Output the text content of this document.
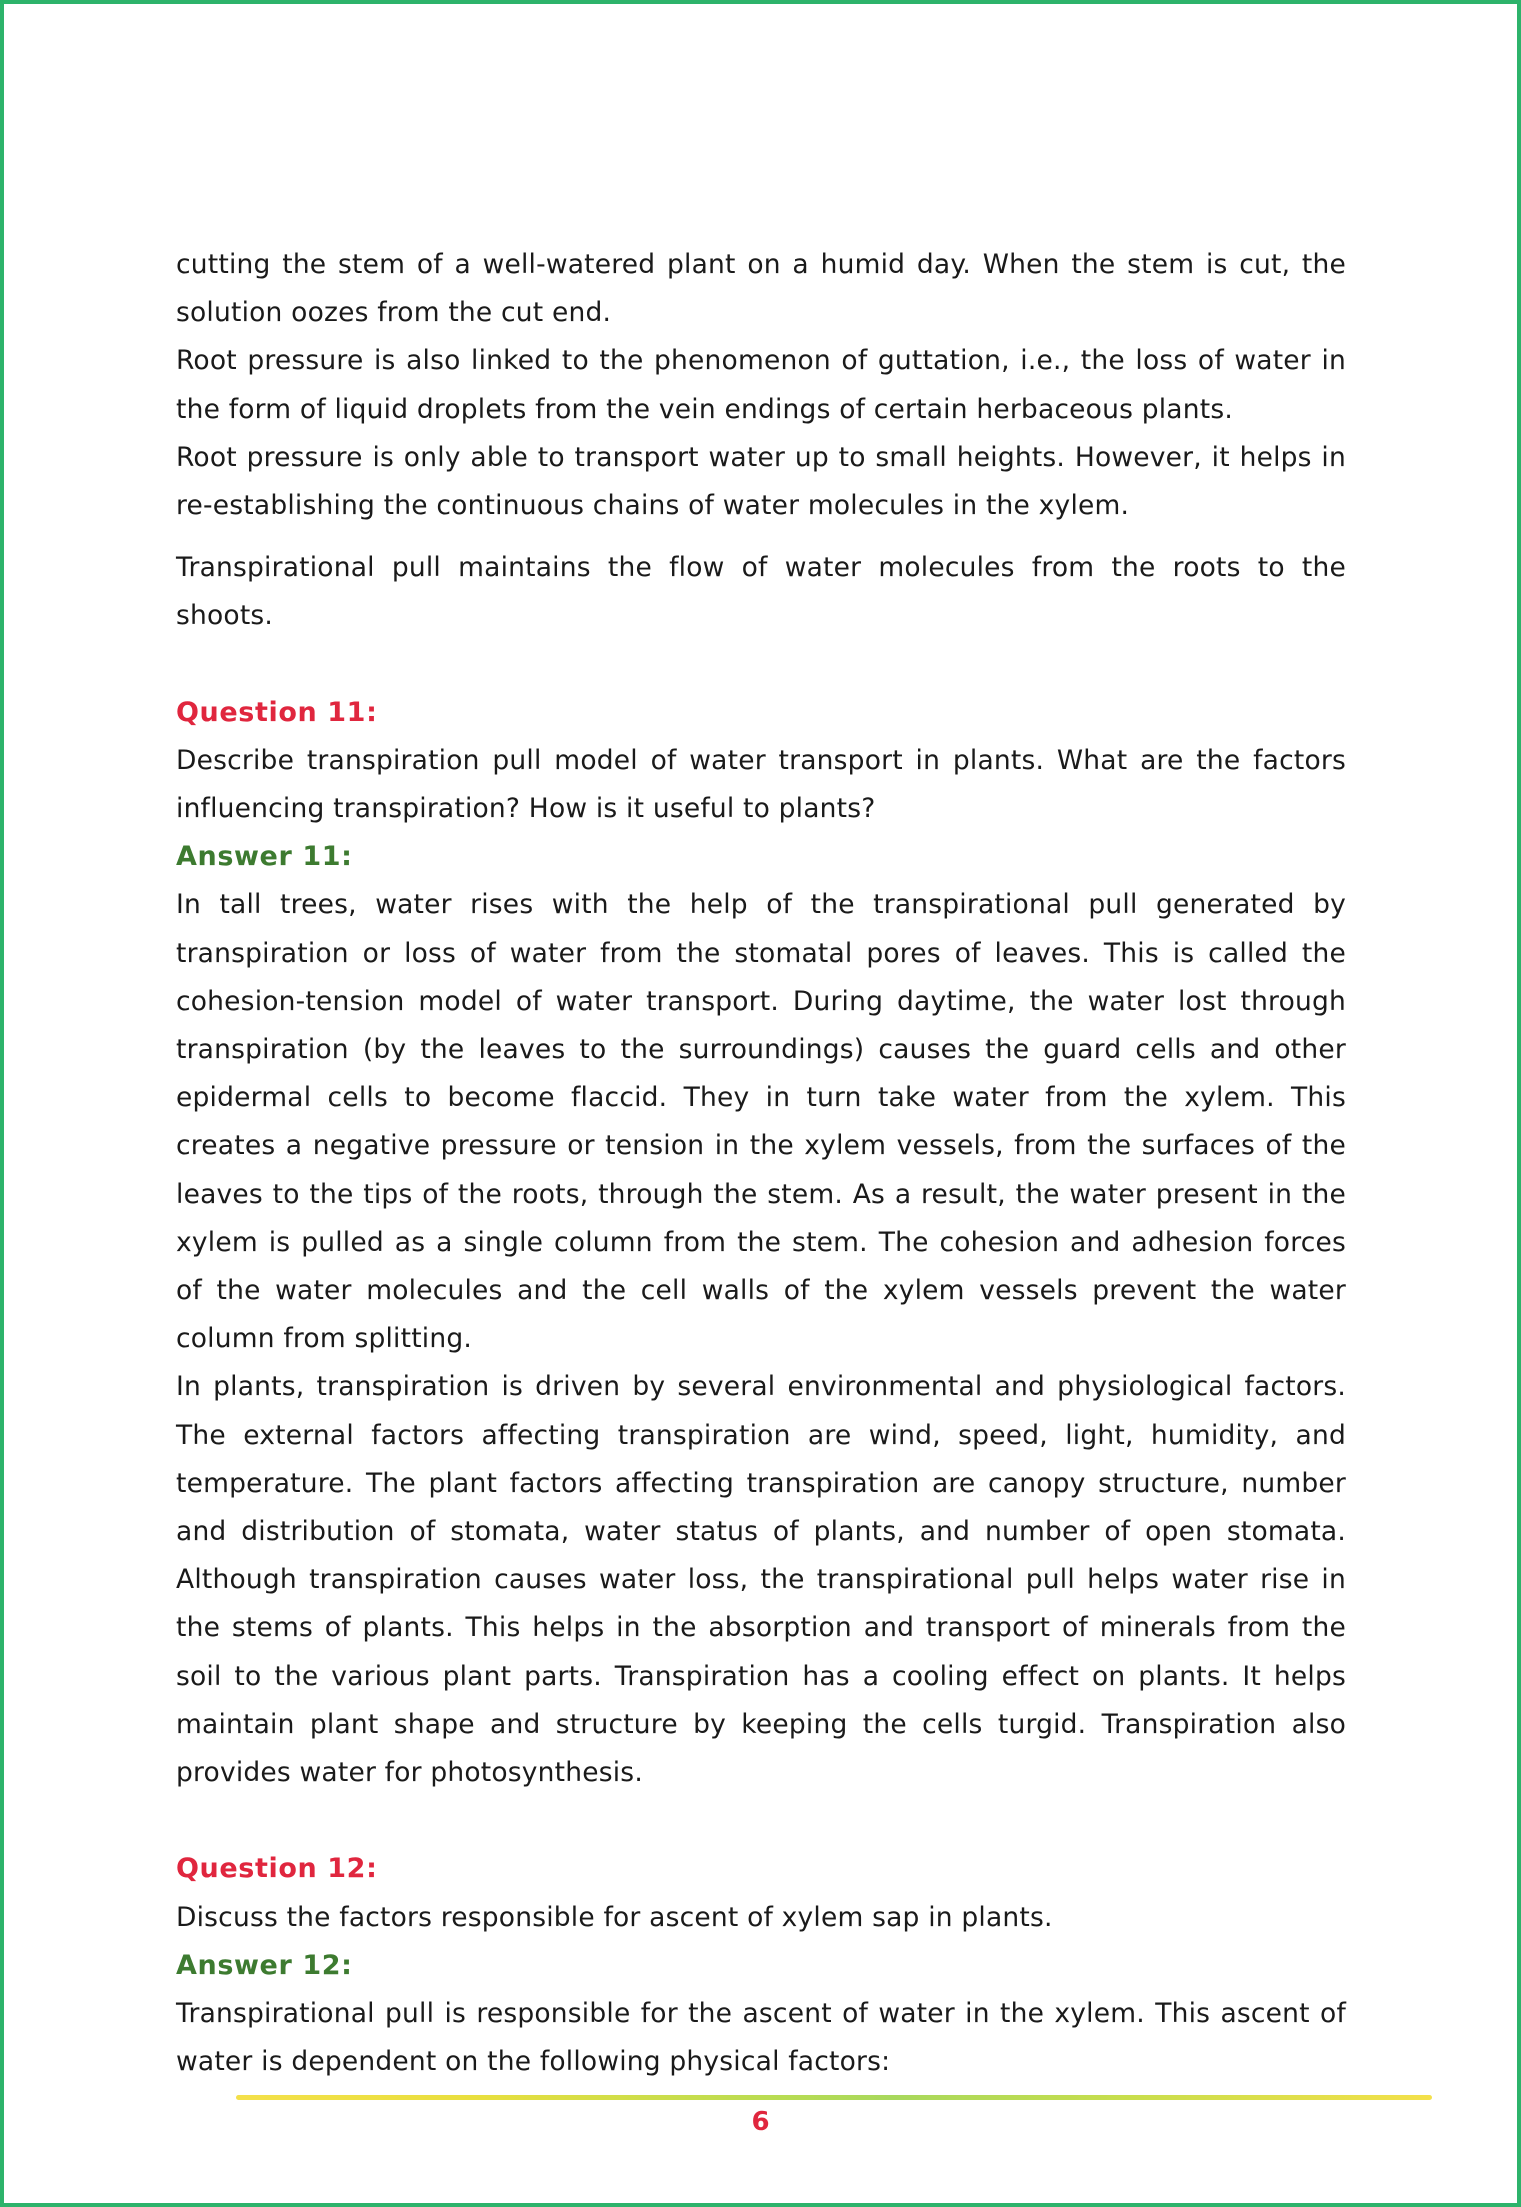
cutting the stem of a well-watered plant on a humid day. When the stem is cut, the solution oozes from the cut end.

Root pressure is also linked to the phenomenon of guttation, i.e., the loss of water in the form of liquid droplets from the vein endings of certain herbaceous plants.

Root pressure is only able to transport water up to small heights. However, it helps in re-establishing the continuous chains of water molecules in the xylem.

Transpirational pull maintains the flow of water molecules from the roots to the shoots.

Question 11:

Describe transpiration pull model of water transport in plants. What are the factors influencing transpiration? How is it useful to plants?

Answer 11:

In tall trees, water rises with the help of the transpirational pull generated by transpiration or loss of water from the stomatal pores of leaves. This is called the cohesion-tension model of water transport. During daytime, the water lost through transpiration (by the leaves to the surroundings) causes the guard cells and other epidermal cells to become flaccid. They in turn take water from the xylem. This creates a negative pressure or tension in the xylem vessels, from the surfaces of the leaves to the tips of the roots, through the stem. As a result, the water present in the xylem is pulled as a single column from the stem. The cohesion and adhesion forces of the water molecules and the cell walls of the xylem vessels prevent the water column from splitting.

In plants, transpiration is driven by several environmental and physiological factors. The external factors affecting transpiration are wind, speed, light, humidity, and temperature. The plant factors affecting transpiration are canopy structure, number and distribution of stomata, water status of plants, and number of open stomata. Although transpiration causes water loss, the transpirational pull helps water rise in the stems of plants. This helps in the absorption and transport of minerals from the soil to the various plant parts. Transpiration has a cooling effect on plants. It helps maintain plant shape and structure by keeping the cells turgid. Transpiration also provides water for photosynthesis.

Question 12:

Discuss the factors responsible for ascent of xylem sap in plants.

Answer 12:

Transpirational pull is responsible for the ascent of water in the xylem. This ascent of water is dependent on the following physical factors:

6
